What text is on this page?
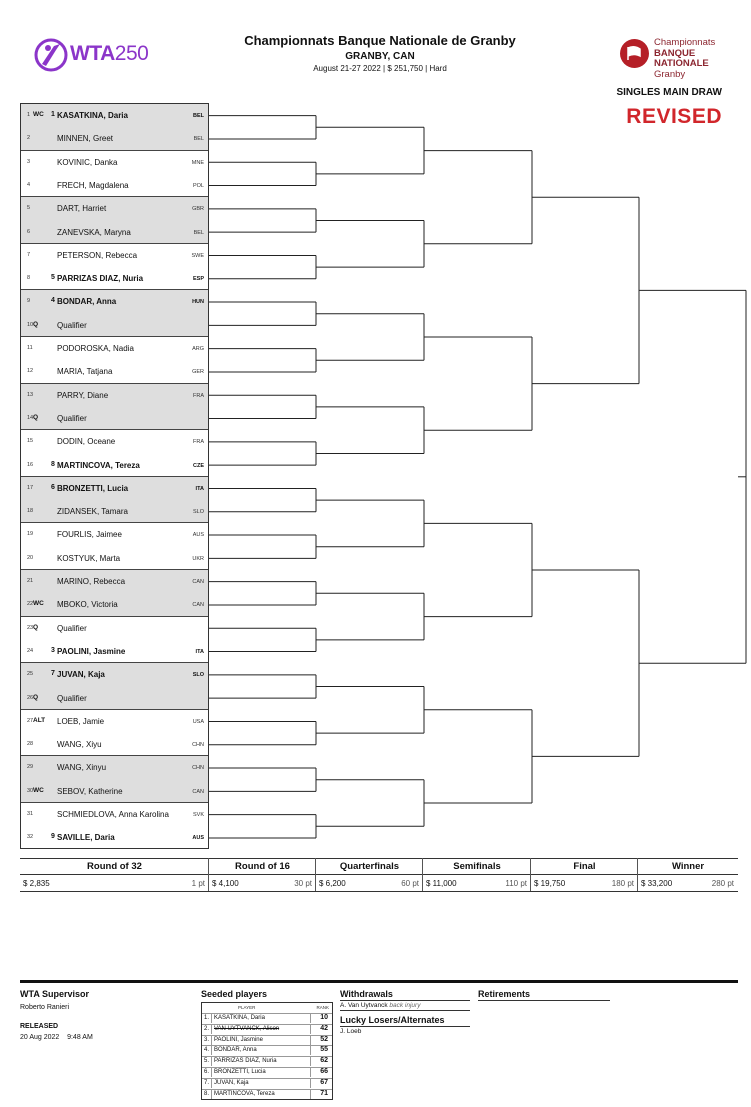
WTA250
Championnats Banque Nationale de Granby
GRANBY, CAN
August 21-27 2022 | $ 251,750 | Hard
Championnats
BANQUE
NATIONALE
Granby
SINGLES MAIN DRAW
REVISED
1 WC 1 KASATKINA, Daria	BEL
2	MINNEN, Greet	BEL
3	KOVINIC, Danka	MNE
4	FRECH, Magdalena	POL
5	DART, Harriet	GBR
6	ZANEVSKA, Maryna	BEL
7	PETERSON, Rebecca	SWE
8	5 PARRIZAS DIAZ, Nuria	ESP
9	4 BONDAR, Anna	HUN
10 Q Qualifier
11	PODOROSKA, Nadia	ARG
12	MARIA, Tatjana	GER
13	PARRY, Diane	FRA
14 Q Qualifier
15	DODIN, Oceane	FRA
16	8 MARTINCOVA, Tereza	CZE
17	6 BRONZETTI, Lucia	ITA
18	ZIDANSEK, Tamara	SLO
19	FOURLIS, Jaimee	AUS
20	KOSTYUK, Marta	UKR
21	MARINO, Rebecca	CAN
22 WC MBOKO, Victoria	CAN
23 Q Qualifier
24	3 PAOLINI, Jasmine	ITA
25	7 JUVAN, Kaja	SLO
26 Q Qualifier
27 ALT LOEB, Jamie	USA
28	WANG, Xiyu	CHN
29	WANG, Xinyu	CHN
30 WC SEBOV, Katherine	CAN
31	SCHMIEDLOVA, Anna Karolina	SVK
32	9 SAVILLE, Daria	AUS
Round of 32
$ 2,835	1 pt
Round of 16
$ 4,100	30 pt
Quarterfinals
$ 6,200	60 pt
Semifinals
$ 11,000	110 pt
Final
$ 19,750	180 pt
Winner
$ 33,200	280 pt
WTA Supervisor
Roberto Ranieri
RELEASED
20 Aug 2022    9:48 AM
Seeded players
PLAYER	RANK
1. KASATKINA, Daria	10
2. VAN UYTVANCK, Alison	42
3. PAOLINI, Jasmine	52
4. BONDAR, Anna	55
5. PARRIZAS DIAZ, Nuria	62
6. BRONZETTI, Lucia	66
7. JUVAN, Kaja	67
8. MARTINCOVA, Tereza	71
Withdrawals
A. Van Uytvanck back injury
Lucky Losers/Alternates
J. Loeb
Retirements
